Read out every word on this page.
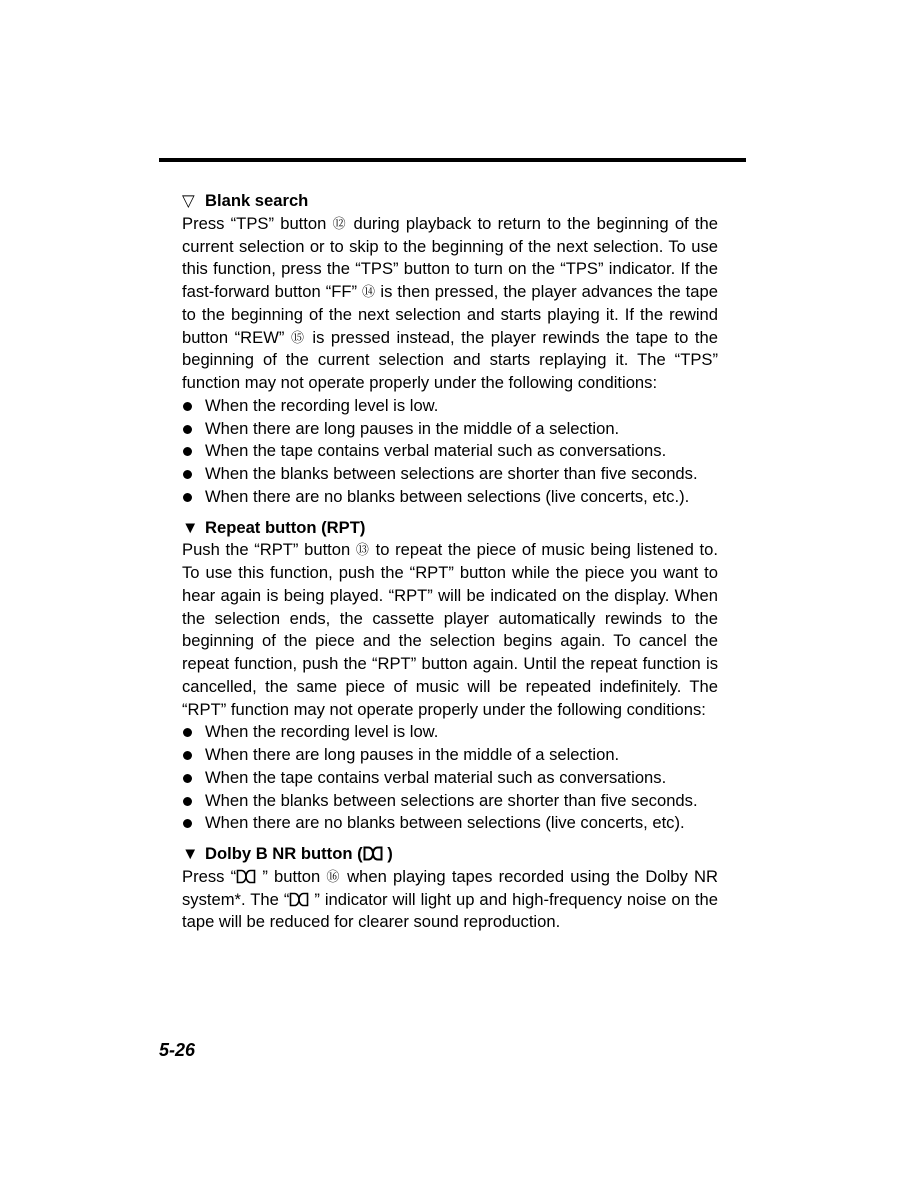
▽ Blank search

Press “TPS” button ⑫ during playback to return to the beginning of the current selection or to skip to the beginning of the next selection. To use this function, press the “TPS” button to turn on the “TPS” indicator. If the fast-forward button “FF” ⑭ is then pressed, the player advances the tape to the beginning of the next selection and starts playing it. If the rewind button “REW” ⑮ is pressed instead, the player rewinds the tape to the beginning of the current selection and starts replaying it. The “TPS” function may not operate properly under the following conditions:

When the recording level is low.
When there are long pauses in the middle of a selection.
When the tape contains verbal material such as conversations.
When the blanks between selections are shorter than five seconds.
When there are no blanks between selections (live concerts, etc.).
▼ Repeat button (RPT)

Push the “RPT” button ⑬ to repeat the piece of music being listened to. To use this function, push the “RPT” button while the piece you want to hear again is being played. “RPT” will be indicated on the display. When the selection ends, the cassette player automatically rewinds to the beginning of the piece and the selection begins again. To cancel the repeat function, push the “RPT” button again. Until the repeat function is cancelled, the same piece of music will be repeated indefinitely. The “RPT” function may not operate properly under the following conditions:

When the recording level is low.
When there are long pauses in the middle of a selection.
When the tape contains verbal material such as conversations.
When the blanks between selections are shorter than five seconds.
When there are no blanks between selections (live concerts, etc).
▼ Dolby B NR button ( )

Press “ ” button ⑯ when playing tapes recorded using the Dolby NR system*. The “ ” indicator will light up and high-frequency noise on the tape will be reduced for clearer sound reproduction.

5-26
